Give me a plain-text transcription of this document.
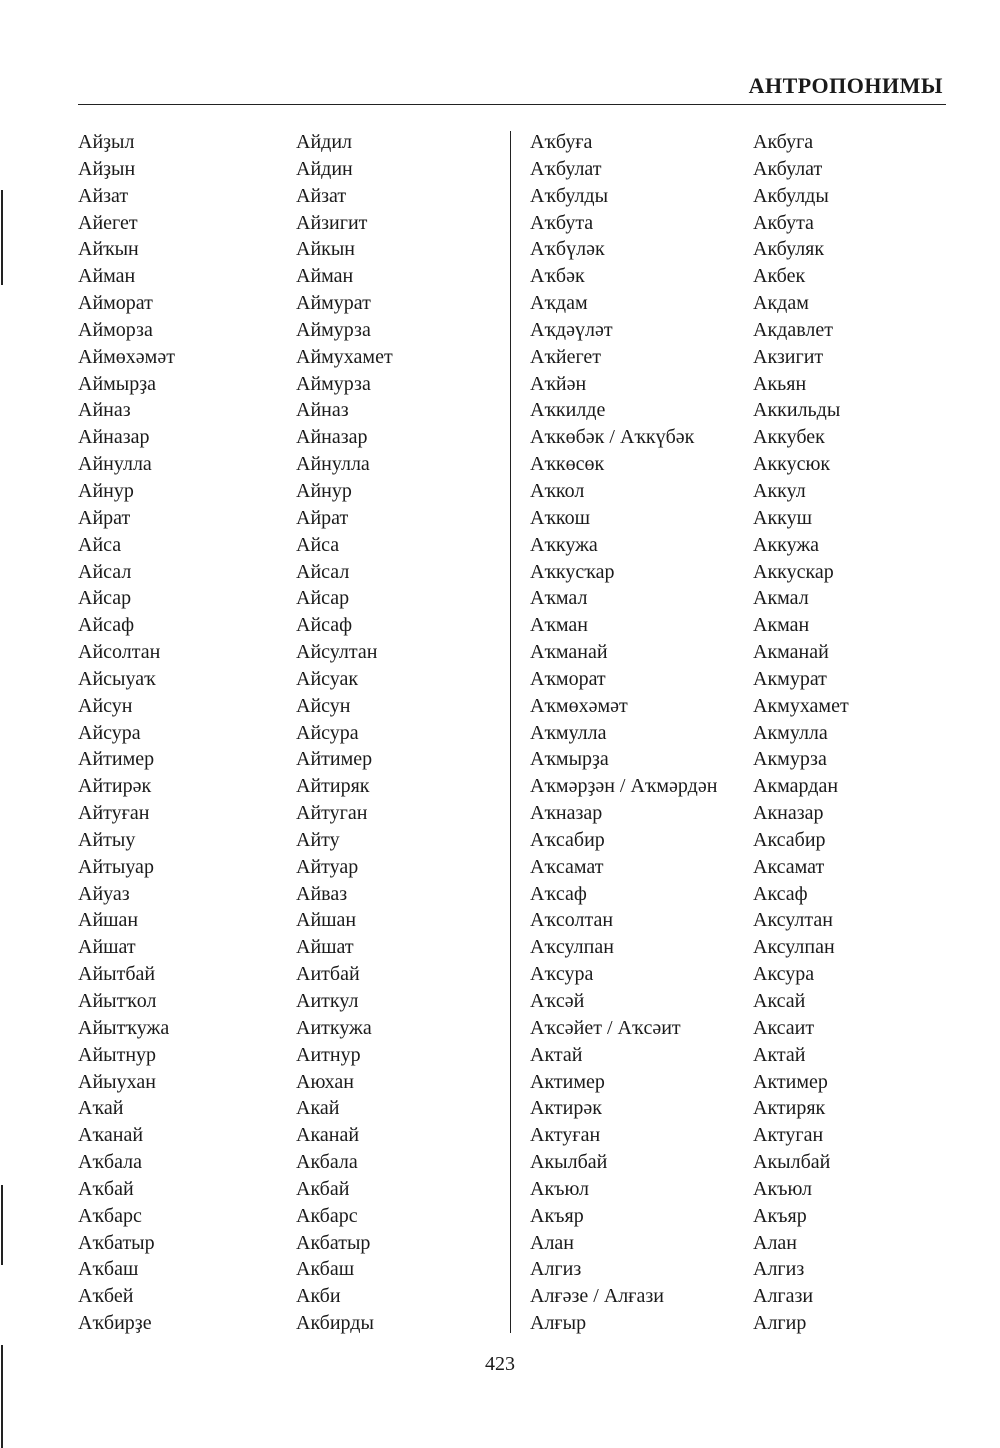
АНТРОПОНИМЫ
Айҙыл
Айҙын
Айзат
Айегет
Айҡын
Айман
Айморат
Айморза
Аймөхәмәт
Аймырҙа
Айназ
Айназар
Айнулла
Айнур
Айрат
Айса
Айсал
Айсар
Айсаф
Айсолтан
Айсыуаҡ
Айсун
Айсура
Айтимер
Айтирәк
Айтуған
Айтыу
Айтыуар
Айуаз
Айшан
Айшат
Айытбай
Айытҡол
Айытҡужа
Айытнур
Айыухан
Аҡай
Аҡанай
Аҡбала
Аҡбай
Аҡбарс
Аҡбатыр
Аҡбаш
Аҡбей
Аҡбирҙе
Айдил
Айдин
Айзат
Айзигит
Айкын
Айман
Аймурат
Аймурза
Аймухамет
Аймурза
Айназ
Айназар
Айнулла
Айнур
Айрат
Айса
Айсал
Айсар
Айсаф
Айсултан
Айсуак
Айсун
Айсура
Айтимер
Айтиряк
Айтуган
Айту
Айтуар
Айваз
Айшан
Айшат
Аитбай
Аиткул
Аиткужа
Аитнур
Аюхан
Акай
Аканай
Акбала
Акбай
Акбарс
Акбатыр
Акбаш
Акби
Акбирды
Аҡбуға
Аҡбулат
Аҡбулды
Аҡбута
Аҡбүләк
Аҡбәк
Аҡдам
Аҡдәүләт
Аҡйегет
Аҡйән
Аҡкилде
Аҡкөбәк / Аҡкүбәк
Аҡкөсөк
Аҡкол
Аҡкош
Аҡкужа
Аҡкусҡар
Аҡмал
Аҡман
Аҡманай
Аҡморат
Аҡмөхәмәт
Аҡмулла
Аҡмырҙа
Аҡмәрҙән / Аҡмәрдән
Аҡназар
Аҡсабир
Аҡсамат
Аҡсаф
Аҡсолтан
Аҡсулпан
Аҡсура
Аҡсәй
Аҡсәйет / Аҡсәит
Актай
Актимер
Актирәк
Актуған
Акылбай
Акъюл
Акъяр
Алан
Алгиз
Алғәзе / Алғази
Алғыр
Акбуга
Акбулат
Акбулды
Акбута
Акбуляк
Акбек
Акдам
Акдавлет
Акзигит
Акьян
Аккильды
Аккубек
Аккусюк
Аккул
Аккуш
Аккужа
Аккускар
Акмал
Акман
Акманай
Акмурат
Акмухамет
Акмулла
Акмурза
Акмардан
Акназар
Аксабир
Аксамат
Аксаф
Аксултан
Аксулпан
Аксура
Аксай
Аксаит
Актай
Актимер
Актиряк
Актуган
Акылбай
Акъюл
Акъяр
Алан
Алгиз
Алгази
Алгир
423
